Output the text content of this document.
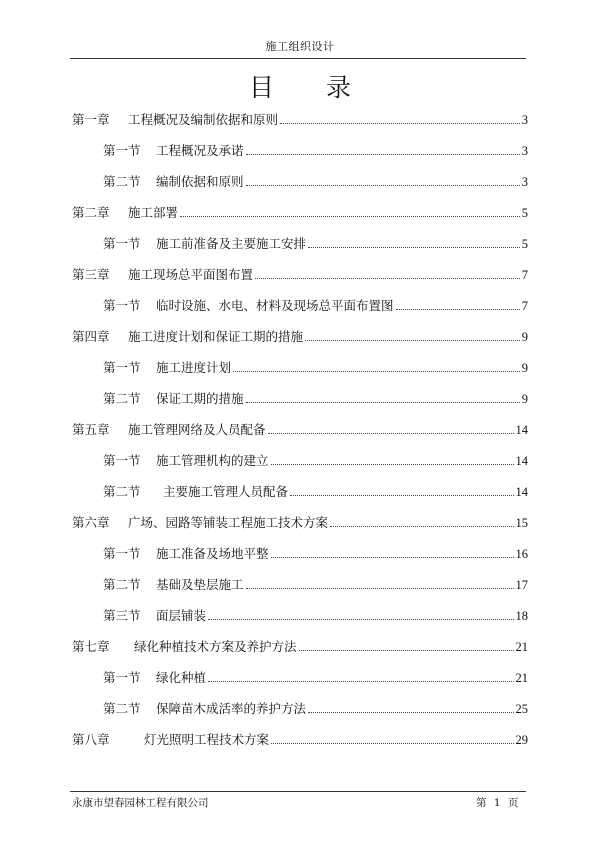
施工组织设计
目 录
第一章	工程概况及编制依据和原则	3
第一节	工程概况及承诺	3
第二节	编制依据和原则	3
第二章	施工部署	5
第一节	施工前准备及主要施工安排	5
第三章	施工现场总平面图布置	7
第一节	临时设施、水电、材料及现场总平面布置图	7
第四章	施工进度计划和保证工期的措施	9
第一节	施工进度计划	9
第二节	保证工期的措施	9
第五章	施工管理网络及人员配备	14
第一节	施工管理机构的建立	14
第二节	主要施工管理人员配备	14
第六章	广场、园路等铺装工程施工技术方案	15
第一节	施工准备及场地平整	16
第二节	基础及垫层施工	17
第三节	面层铺装	18
第七章	绿化种植技术方案及养护方法	21
第一节	绿化种植	21
第二节	保障苗木成活率的养护方法	25
第八章	灯光照明工程技术方案	29
永康市望春园林工程有限公司	第 1 页
